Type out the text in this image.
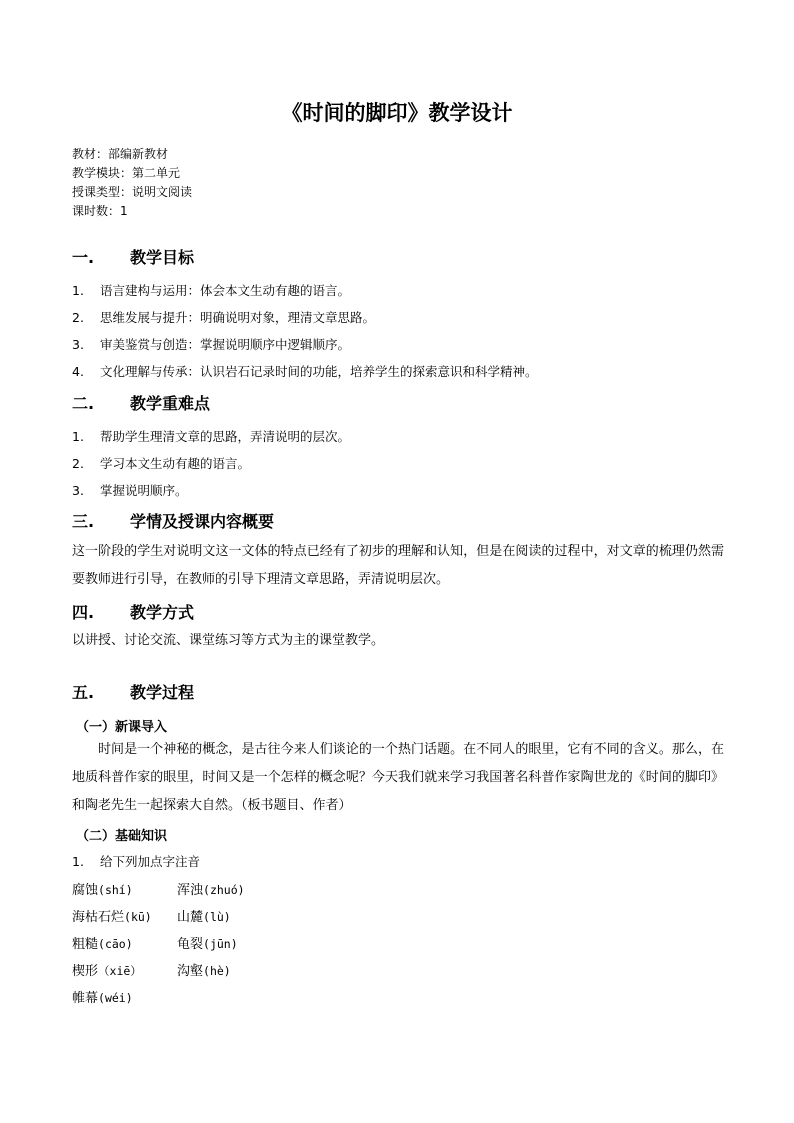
《时间的脚印》教学设计
教材：部编新教材
教学模块：第二单元
授课类型：说明文阅读
课时数：1
一. 教学目标
1. 语言建构与运用：体会本文生动有趣的语言。
2. 思维发展与提升：明确说明对象，理清文章思路。
3. 审美鉴赏与创造：掌握说明顺序中逻辑顺序。
4. 文化理解与传承：认识岩石记录时间的功能，培养学生的探索意识和科学精神。
二. 教学重难点
1. 帮助学生理清文章的思路，弄清说明的层次。
2. 学习本文生动有趣的语言。
3. 掌握说明顺序。
三. 学情及授课内容概要
这一阶段的学生对说明文这一文体的特点已经有了初步的理解和认知，但是在阅读的过程中，对文章的梳理仍然需要教师进行引导，在教师的引导下理清文章思路，弄清说明层次。
四. 教学方式
以讲授、讨论交流、课堂练习等方式为主的课堂教学。
五. 教学过程
（一）新课导入
时间是一个神秘的概念，是古往今来人们谈论的一个热门话题。在不同人的眼里，它有不同的含义。那么，在地质科普作家的眼里，时间又是一个怎样的概念呢？今天我们就来学习我国著名科普作家陶世龙的《时间的脚印》 和陶老先生一起探索大自然。（板书题目、作者）
（二）基础知识
1. 给下列加点字注音
腐蚀(shí)	浑浊(zhuó)
海枯石烂(kū) 山麓(lù)
粗糙(cāo)	龟裂(jūn)
楔形（xiē）	沟壑(hè)
帷幕(wéi)
